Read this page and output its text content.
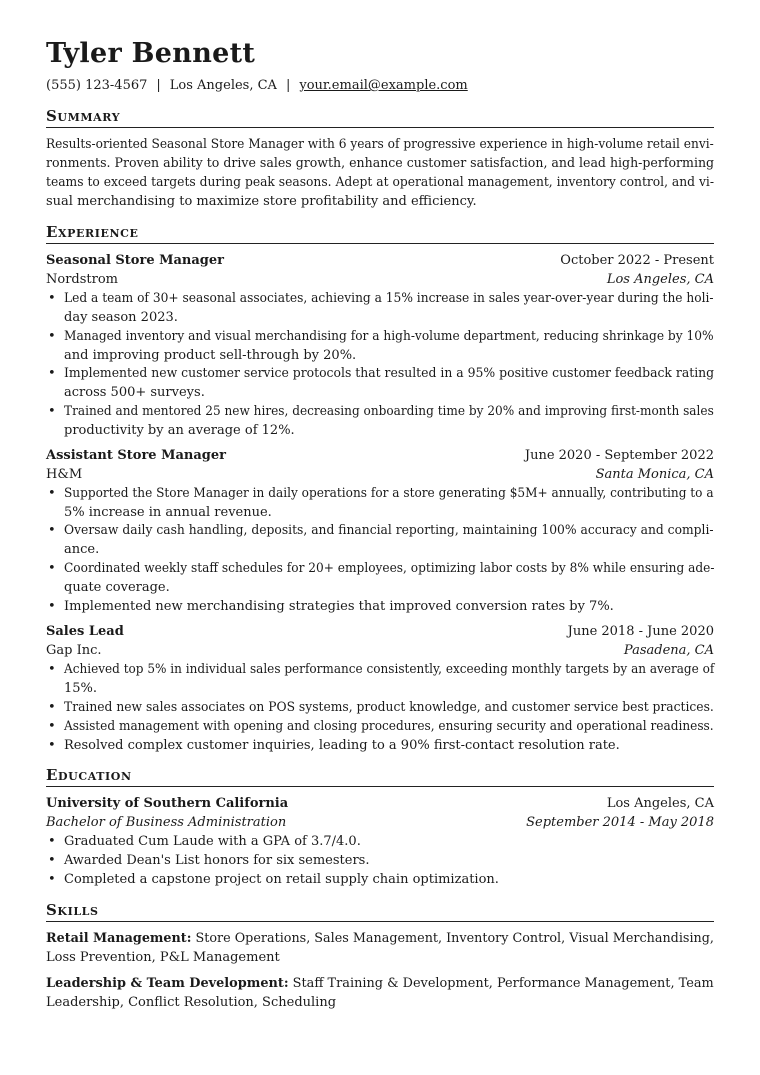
Tyler Bennett
(555) 123-4567 | Los Angeles, CA | your.email@example.com
Summary
Results-oriented Seasonal Store Manager with 6 years of progressive experience in high-volume retail envi-
ronments. Proven ability to drive sales growth, enhance customer satisfaction, and lead high-performing
teams to exceed targets during peak seasons. Adept at operational management, inventory control, and vi-
sual merchandising to maximize store profitability and efficiency.
Experience
Seasonal Store Manager	October 2022 - Present
Nordstrom	Los Angeles, CA
• Led a team of 30+ seasonal associates, achieving a 15% increase in sales year-over-year during the holi-
day season 2023.
• Managed inventory and visual merchandising for a high-volume department, reducing shrinkage by 10%
and improving product sell-through by 20%.
• Implemented new customer service protocols that resulted in a 95% positive customer feedback rating
across 500+ surveys.
• Trained and mentored 25 new hires, decreasing onboarding time by 20% and improving first-month sales
productivity by an average of 12%.
Assistant Store Manager	June 2020 - September 2022
H&M	Santa Monica, CA
• Supported the Store Manager in daily operations for a store generating $5M+ annually, contributing to a
5% increase in annual revenue.
• Oversaw daily cash handling, deposits, and financial reporting, maintaining 100% accuracy and compli-
ance.
• Coordinated weekly staff schedules for 20+ employees, optimizing labor costs by 8% while ensuring ade-
quate coverage.
• Implemented new merchandising strategies that improved conversion rates by 7%.
Sales Lead	June 2018 - June 2020
Gap Inc.	Pasadena, CA
• Achieved top 5% in individual sales performance consistently, exceeding monthly targets by an average of
15%.
• Trained new sales associates on POS systems, product knowledge, and customer service best practices.
• Assisted management with opening and closing procedures, ensuring security and operational readiness.
• Resolved complex customer inquiries, leading to a 90% first-contact resolution rate.
Education
University of Southern California	Los Angeles, CA
Bachelor of Business Administration	September 2014 - May 2018
• Graduated Cum Laude with a GPA of 3.7/4.0.
• Awarded Dean's List honors for six semesters.
• Completed a capstone project on retail supply chain optimization.
Skills
Retail Management: Store Operations, Sales Management, Inventory Control, Visual Merchandising,
Loss Prevention, P&L Management
Leadership & Team Development: Staff Training & Development, Performance Management, Team
Leadership, Conflict Resolution, Scheduling
